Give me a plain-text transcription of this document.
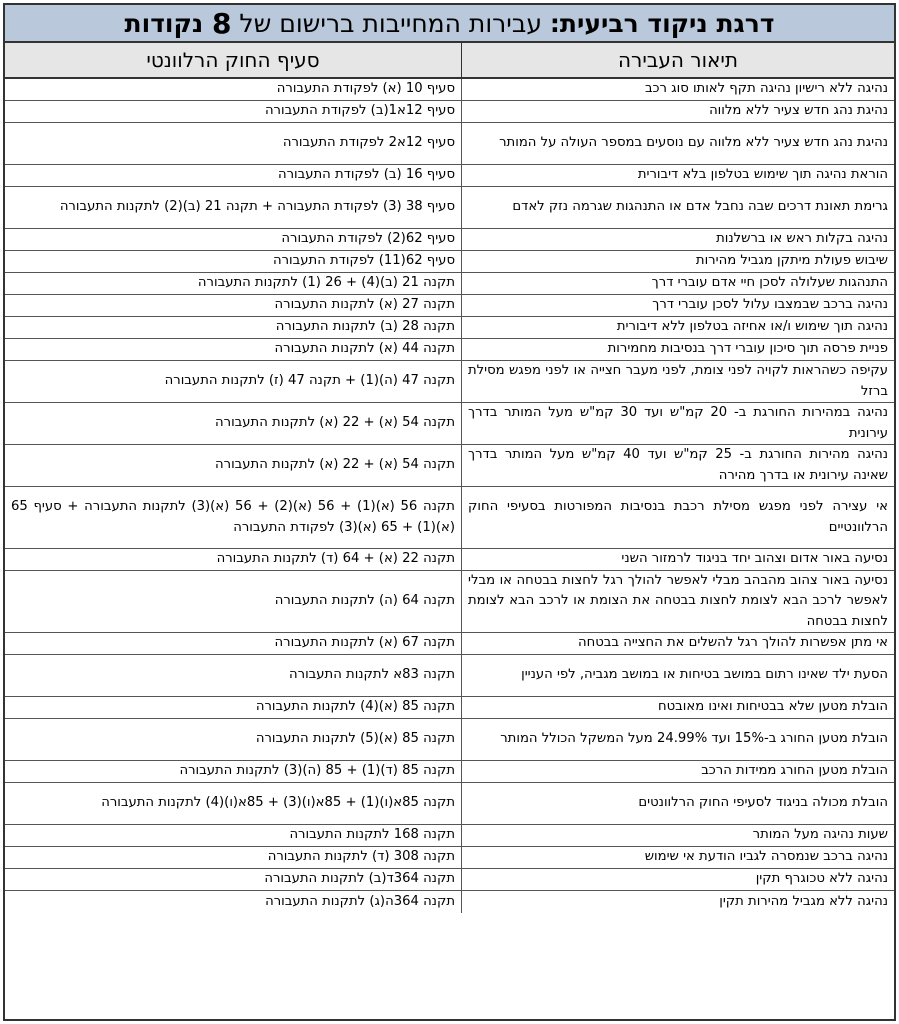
דרגת ניקוד רביעית:
עבירות המחייבות ברישום של
8
נקודות
תיאור העבירה
סעיף החוק הרלוונטי
נהיגה ללא רישיון נהיגה תקף לאותו סוג רכב
סעיף 10 (א) לפקודת התעבורה
נהיגת נהג חדש צעיר ללא מלווה
סעיף 12א1(ב) לפקודת התעבורה
נהיגת נהג חדש צעיר ללא מלווה עם נוסעים במספר העולה על המותר
סעיף 12א2 לפקודת התעבורה
הוראת נהיגה תוך שימוש בטלפון בלא דיבורית
סעיף 16 (ב) לפקודת התעבורה
גרימת תאונת דרכים שבה נחבל אדם או התנהגות שגרמה נזק לאדם
סעיף 38 (3) לפקודת התעבורה + תקנה 21 (ב)(2) לתקנות התעבורה
נהיגה בקלות ראש או ברשלנות
סעיף 62(2) לפקודת התעבורה
שיבוש פעולת מיתקן מגביל מהירות
סעיף 62(11) לפקודת התעבורה
התנהגות שעלולה לסכן חיי אדם עוברי דרך
תקנה 21 (ב)(4) + 26 (1) לתקנות התעבורה
נהיגה ברכב שבמצבו עלול לסכן עוברי דרך
תקנה 27 (א) לתקנות התעבורה
נהיגה תוך שימוש ו/או אחיזה בטלפון ללא דיבורית
תקנה 28 (ב) לתקנות התעבורה
פניית פרסה תוך סיכון עוברי דרך בנסיבות מחמירות
תקנה 44 (א) לתקנות התעבורה
עקיפה כשהראות לקויה לפני צומת, לפני מעבר חצייה או לפני מפגש מסילת ברזל
תקנה 47 (ה)(1) + תקנה 47 (ז) לתקנות התעבורה
נהיגה במהירות החורגת ב- 20 קמ"ש ועד 30 קמ"ש מעל המותר בדרך עירונית
תקנה 54 (א) + 22 (א) לתקנות התעבורה
נהיגה מהירות החורגת ב- 25 קמ"ש ועד 40 קמ"ש מעל המותר בדרך שאינה עירונית או בדרך מהירה
תקנה 54 (א) + 22 (א) לתקנות התעבורה
אי עצירה לפני מפגש מסילת רכבת בנסיבות המפורטות בסעיפי החוק הרלוונטיים
תקנה 56 (א)(1) + 56 (א)(2) + 56 (א)(3) לתקנות התעבורה + סעיף 65 (א)(1) + 65 (א)(3) לפקודת התעבורה
נסיעה באור אדום וצהוב יחד בניגוד לרמזור השני
תקנה 22 (א) + 64 (ד) לתקנות התעבורה
נסיעה באור צהוב מהבהב מבלי לאפשר להולך רגל לחצות בבטחה או מבלי לאפשר לרכב הבא לצומת לחצות בבטחה את הצומת או לרכב הבא לצומת לחצות בבטחה
תקנה 64 (ה) לתקנות התעבורה
אי מתן אפשרות להולך רגל להשלים את החצייה בבטחה
תקנה 67 (א) לתקנות התעבורה
הסעת ילד שאינו רתום במושב בטיחות או במושב מגביה, לפי העניין
תקנה 83א לתקנות התעבורה
הובלת מטען שלא בבטיחות ואינו מאובטח
תקנה 85 (א)(4) לתקנות התעבורה
הובלת מטען החורג ב-15% ועד 24.99% מעל המשקל הכולל המותר
תקנה 85 (א)(5) לתקנות התעבורה
הובלת מטען החורג ממידות הרכב
תקנה 85 (ד)(1) + 85 (ה)(3) לתקנות התעבורה
הובלת מכולה בניגוד לסעיפי החוק הרלוונטים
תקנה 85א(ו)(1) + 85א(ו)(3) + 85א(ו)(4) לתקנות התעבורה
שעות נהיגה מעל המותר
תקנה 168 לתקנות התעבורה
נהיגה ברכב שנמסרה לגביו הודעת אי שימוש
תקנה 308 (ד) לתקנות התעבורה
נהיגה ללא טכוגרף תקין
תקנה 364ד(ב) לתקנות התעבורה
נהיגה ללא מגביל מהירות תקין
תקנה 364ה(ג) לתקנות התעבורה
